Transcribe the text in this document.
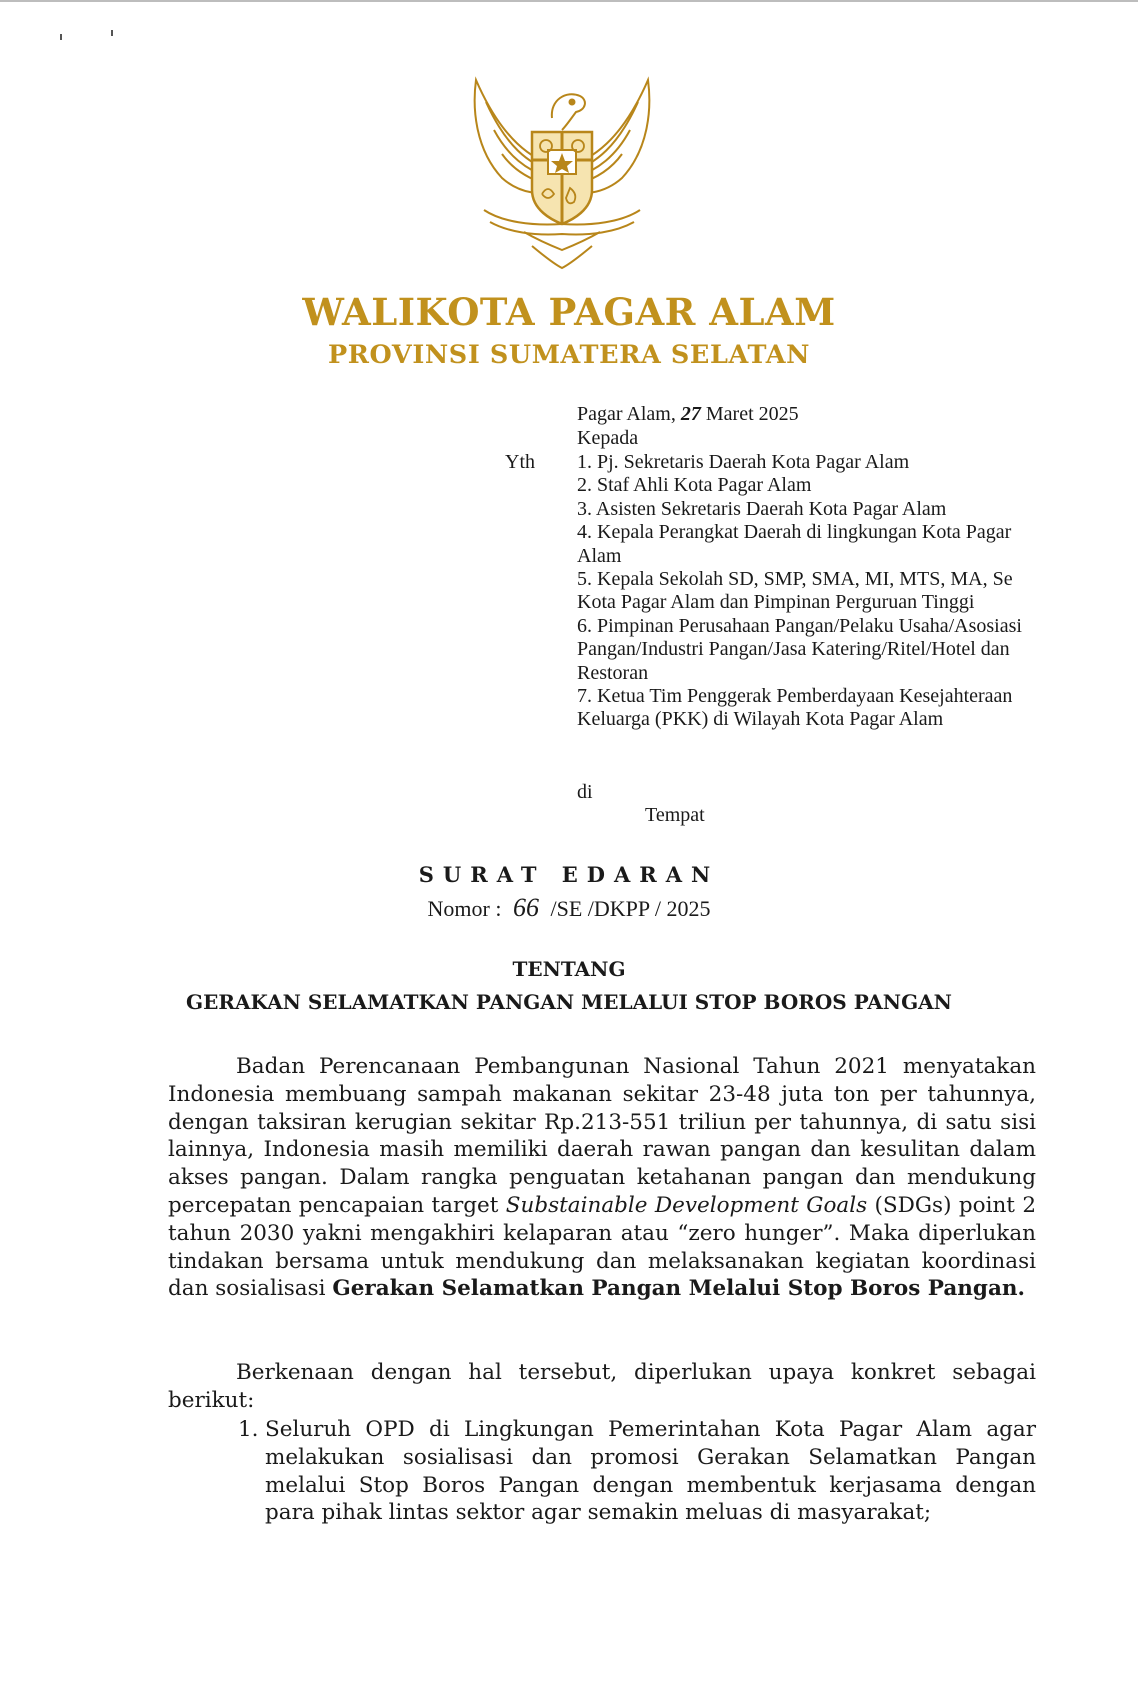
WALIKOTA PAGAR ALAM
PROVINSI SUMATERA SELATAN
Pagar Alam, 27 Maret 2025
Kepada
Yth 1. Pj. Sekretaris Daerah Kota Pagar Alam
2. Staf Ahli Kota Pagar Alam
3. Asisten Sekretaris Daerah Kota Pagar Alam
4. Kepala Perangkat Daerah di lingkungan Kota Pagar Alam
5. Kepala Sekolah SD, SMP, SMA, MI, MTS, MA, Se Kota Pagar Alam dan Pimpinan Perguruan Tinggi
6. Pimpinan Perusahaan Pangan/Pelaku Usaha/Asosiasi Pangan/Industri Pangan/Jasa Katering/Ritel/Hotel dan Restoran
7. Ketua Tim Penggerak Pemberdayaan Kesejahteraan Keluarga (PKK) di Wilayah Kota Pagar Alam
di
Tempat
SURAT EDARAN
Nomor : 66 /SE /DKPP / 2025
TENTANG
GERAKAN SELAMATKAN PANGAN MELALUI STOP BOROS PANGAN

Badan Perencanaan Pembangunan Nasional Tahun 2021 menyatakan Indonesia membuang sampah makanan sekitar 23-48 juta ton per tahunnya, dengan taksiran kerugian sekitar Rp.213-551 triliun per tahunnya, di satu sisi lainnya, Indonesia masih memiliki daerah rawan pangan dan kesulitan dalam akses pangan. Dalam rangka penguatan ketahanan pangan dan mendukung percepatan pencapaian target Substainable Development Goals (SDGs) point 2 tahun 2030 yakni mengakhiri kelaparan atau “zero hunger”. Maka diperlukan tindakan bersama untuk mendukung dan melaksanakan kegiatan koordinasi dan sosialisasi Gerakan Selamatkan Pangan Melalui Stop Boros Pangan.

Berkenaan dengan hal tersebut, diperlukan upaya konkret sebagai berikut:

1. Seluruh OPD di Lingkungan Pemerintahan Kota Pagar Alam agar melakukan sosialisasi dan promosi Gerakan Selamatkan Pangan melalui Stop Boros Pangan dengan membentuk kerjasama dengan para pihak lintas sektor agar semakin meluas di masyarakat;
